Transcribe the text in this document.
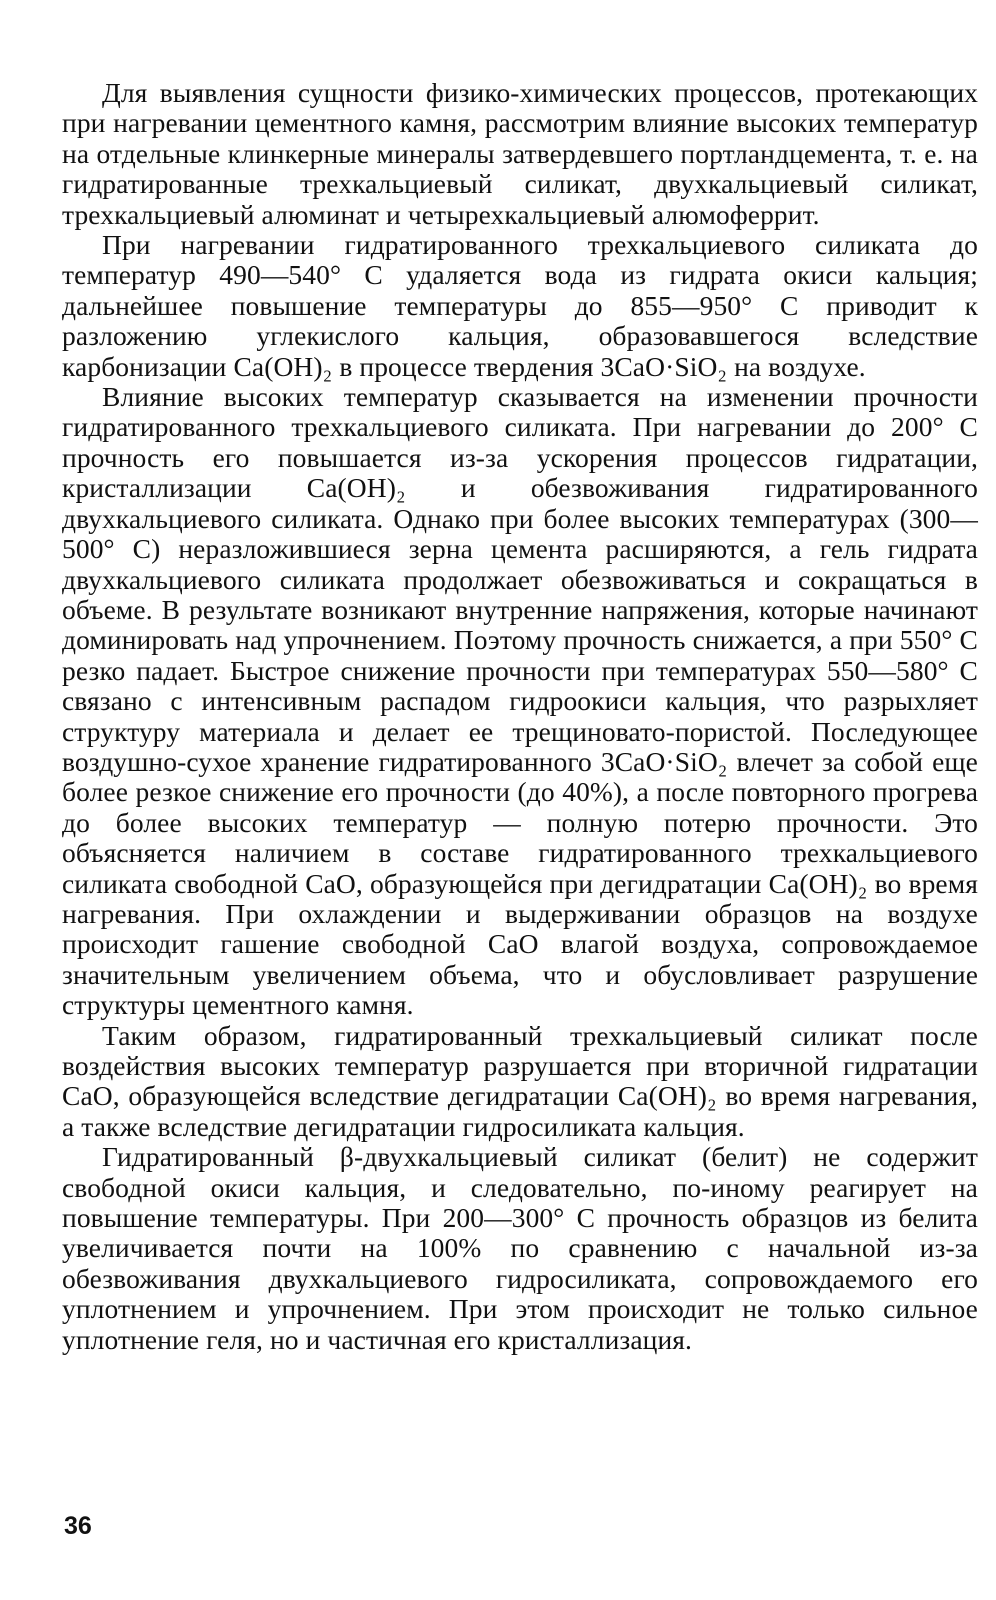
Для выявления сущности физико-химических процессов, протекающих при нагревании цементного камня, рассмотрим влияние высоких температур на отдельные клинкерные минералы затвердевшего портландцемента, т. е. на гидратированные трехкальциевый силикат, двухкальциевый силикат, трехкальциевый алюминат и четырехкальциевый алюмоферрит.

При нагревании гидратированного трехкальциевого силиката до температур 490—540° С удаляется вода из гидрата окиси кальция; дальнейшее повышение температуры до 855—950° С приводит к разложению углекислого кальция, образовавшегося вследствие карбонизации Са(ОН)₂ в процессе твердения 3СаО·SiO₂ на воздухе.

Влияние высоких температур сказывается на изменении прочности гидратированного трехкальциевого силиката. При нагревании до 200° С прочность его повышается из-за ускорения процессов гидратации, кристаллизации Са(ОН)₂ и обезвоживания гидратированного двухкальциевого силиката. Однако при более высоких температурах (300—500° С) неразложившиеся зерна цемента расширяются, а гель гидрата двухкальциевого силиката продолжает обезвоживаться и сокращаться в объеме. В результате возникают внутренние напряжения, которые начинают доминировать над упрочнением. Поэтому прочность снижается, а при 550° С резко падает. Быстрое снижение прочности при температурах 550—580° С связано с интенсивным распадом гидроокиси кальция, что разрыхляет структуру материала и делает ее трещиновато-пористой. Последующее воздушно-сухое хранение гидратированного 3СаО·SiO₂ влечет за собой еще более резкое снижение его прочности (до 40%), а после повторного прогрева до более высоких температур — полную потерю прочности. Это объясняется наличием в составе гидратированного трехкальциевого силиката свободной СаО, образующейся при дегидратации Са(ОН)₂ во время нагревания. При охлаждении и выдерживании образцов на воздухе происходит гашение свободной СаО влагой воздуха, сопровождаемое значительным увеличением объема, что и обусловливает разрушение структуры цементного камня.

Таким образом, гидратированный трехкальциевый силикат после воздействия высоких температур разрушается при вторичной гидратации СаО, образующейся вследствие дегидратации Са(ОН)₂ во время нагревания, а также вследствие дегидратации гидросиликата кальция.

Гидратированный β-двухкальциевый силикат (белит) не содержит свободной окиси кальция, и следовательно, по-иному реагирует на повышение температуры. При 200—300° С прочность образцов из белита увеличивается почти на 100% по сравнению с начальной из-за обезвоживания двухкальциевого гидросиликата, сопровождаемого его уплотнением и упрочнением. При этом происходит не только сильное уплотнение геля, но и частичная его кристаллизация.

36
